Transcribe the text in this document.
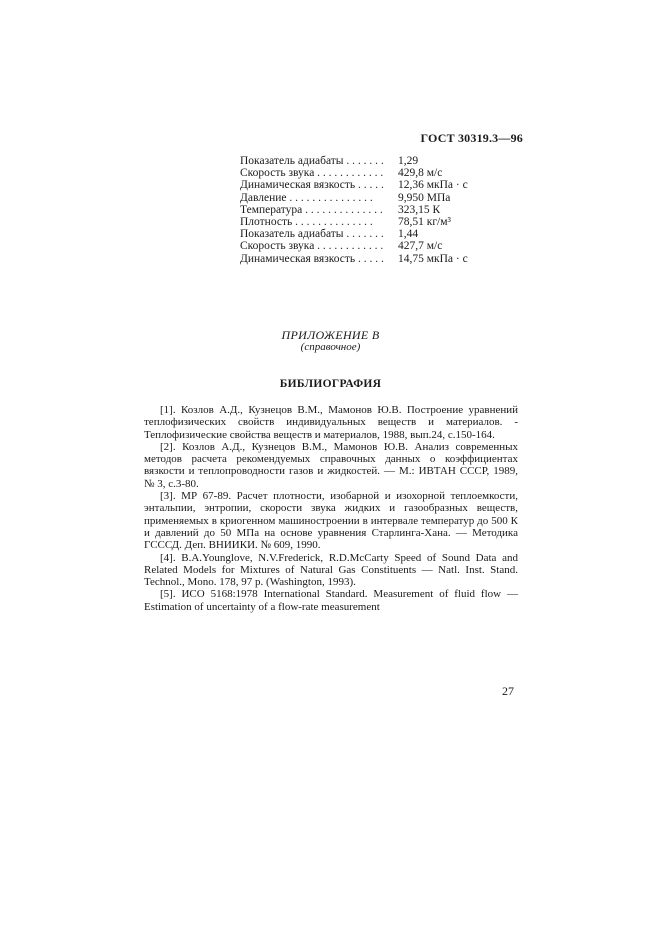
ГОСТ 30319.3—96
Показатель адиабаты . . . . . . .	1,29
Скорость звука . . . . . . . . . . . .	429,8 м/с
Динамическая вязкость . . . . .	12,36 мкПа · с
Давление . . . . . . . . . . . . . . .	9,950 МПа
Температура . . . . . . . . . . . . . .	323,15 К
Плотность . . . . . . . . . . . . . .	78,51 кг/м³
Показатель адиабаты . . . . . . .	1,44
Скорость звука . . . . . . . . . . . .	427,7 м/с
Динамическая вязкость . . . . .	14,75 мкПа · с
ПРИЛОЖЕНИЕ В
(справочное)
БИБЛИОГРАФИЯ

[1]. Козлов А.Д., Кузнецов В.М., Мамонов Ю.В. Построение уравнений теплофизических свойств индивидуальных веществ и материалов. - Теплофизические свойства веществ и материалов, 1988, вып.24, с.150-164.

[2]. Козлов А.Д., Кузнецов В.М., Мамонов Ю.В. Анализ современных методов расчета рекомендуемых справочных данных о коэффициентах вязкости и теплопроводности газов и жидкостей. — М.: ИВТАН СССР, 1989, № 3, с.3-80.

[3]. МР 67-89. Расчет плотности, изобарной и изохорной теплоемкости, энтальпии, энтропии, скорости звука жидких и газообразных веществ, применяемых в криогенном машиностроении в интервале температур до 500 К и давлений до 50 МПа на основе уравнения Старлинга-Хана. — Методика ГСССД. Деп. ВНИИКИ. № 609, 1990.

[4]. B.A.Younglove, N.V.Frederick, R.D.McCarty Speed of Sound Data and Related Models for Mixtures of Natural Gas Constituents — Natl. Inst. Stand. Technol., Mono. 178, 97 p. (Washington, 1993).

[5]. ИСО 5168:1978 International Standard. Measurement of fluid flow — Estimation of uncertainty of a flow-rate measurement

27
